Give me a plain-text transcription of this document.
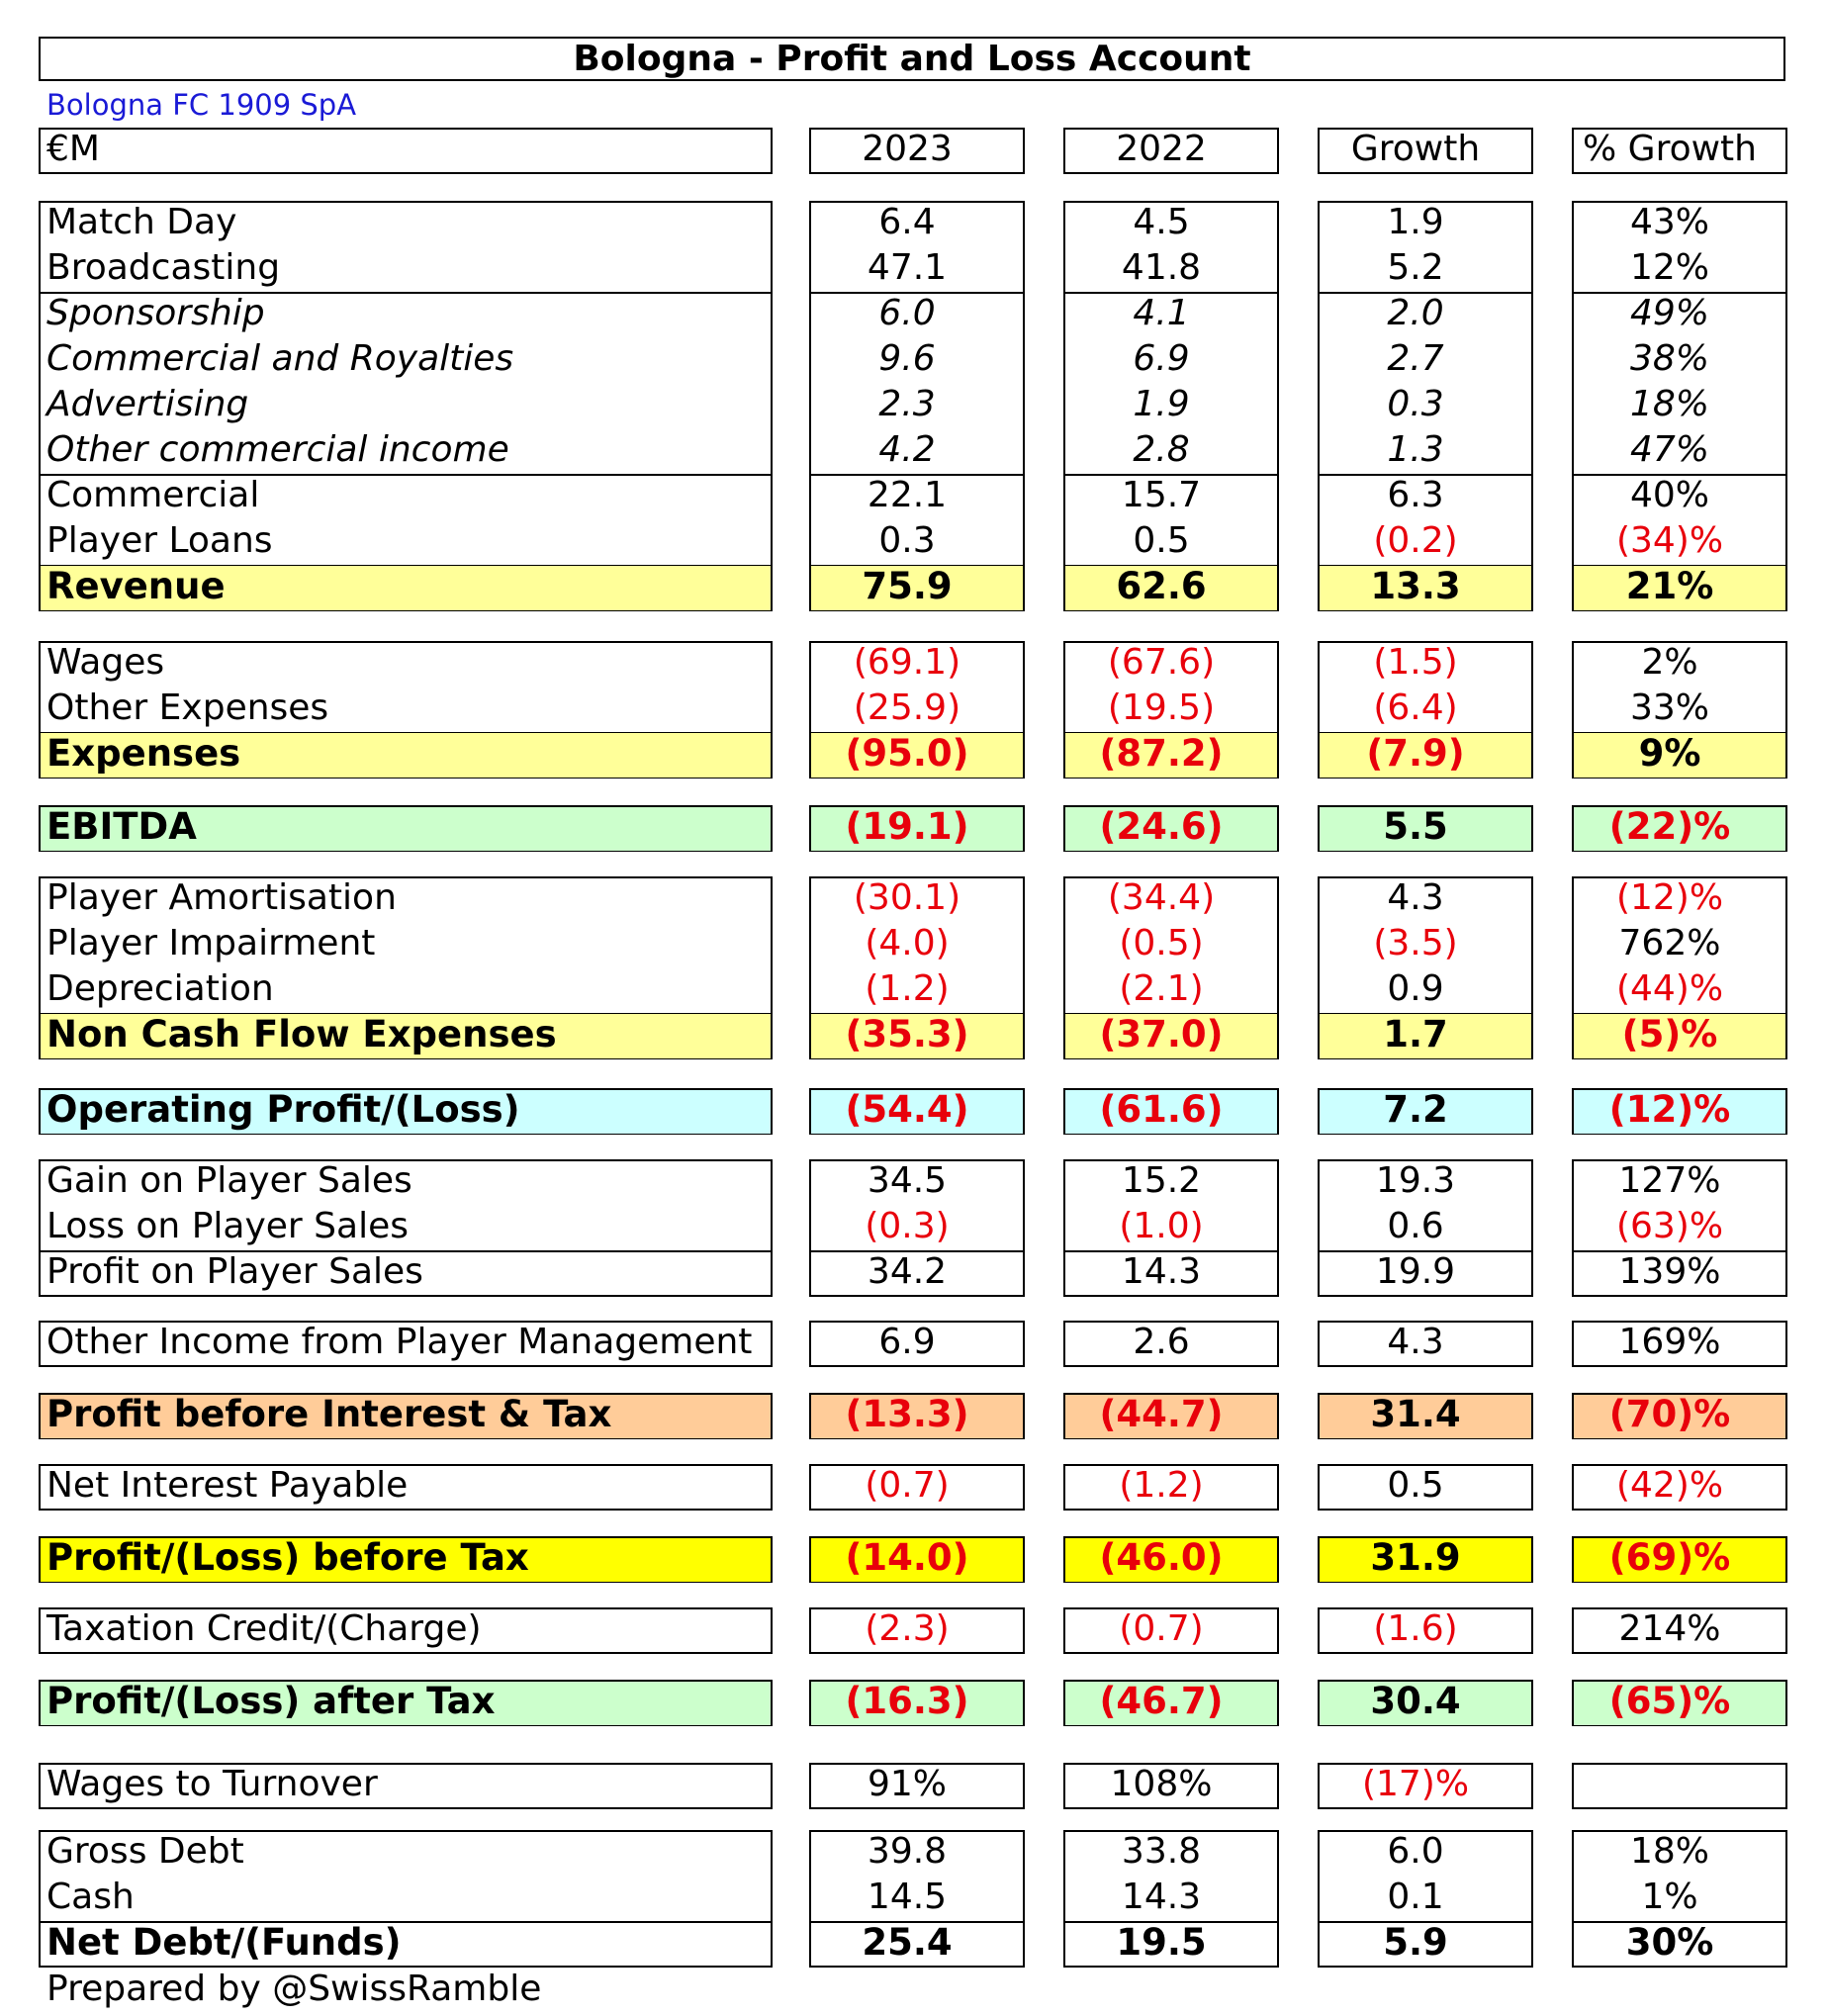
Bologna - Profit and Loss Account
Bologna FC 1909 SpA
€M	2023	2022	Growth	% Growth
Match Day	6.4	4.5	1.9	43%
Broadcasting	47.1	41.8	5.2	12%
Sponsorship	6.0	4.1	2.0	49%
Commercial and Royalties	9.6	6.9	2.7	38%
Advertising	2.3	1.9	0.3	18%
Other commercial income	4.2	2.8	1.3	47%
Commercial	22.1	15.7	6.3	40%
Player Loans	0.3	0.5	(0.2)	(34)%
Revenue	75.9	62.6	13.3	21%
Wages	(69.1)	(67.6)	(1.5)	2%
Other Expenses	(25.9)	(19.5)	(6.4)	33%
Expenses	(95.0)	(87.2)	(7.9)	9%
EBITDA	(19.1)	(24.6)	5.5	(22)%
Player Amortisation	(30.1)	(34.4)	4.3	(12)%
Player Impairment	(4.0)	(0.5)	(3.5)	762%
Depreciation	(1.2)	(2.1)	0.9	(44)%
Non Cash Flow Expenses	(35.3)	(37.0)	1.7	(5)%
Operating Profit/(Loss)	(54.4)	(61.6)	7.2	(12)%
Gain on Player Sales	34.5	15.2	19.3	127%
Loss on Player Sales	(0.3)	(1.0)	0.6	(63)%
Profit on Player Sales	34.2	14.3	19.9	139%
Other Income from Player Management	6.9	2.6	4.3	169%
Profit before Interest & Tax	(13.3)	(44.7)	31.4	(70)%
Net Interest Payable	(0.7)	(1.2)	0.5	(42)%
Profit/(Loss) before Tax	(14.0)	(46.0)	31.9	(69)%
Taxation Credit/(Charge)	(2.3)	(0.7)	(1.6)	214%
Profit/(Loss) after Tax	(16.3)	(46.7)	30.4	(65)%
Wages to Turnover	91%	108%	(17)%
Gross Debt	39.8	33.8	6.0	18%
Cash	14.5	14.3	0.1	1%
Net Debt/(Funds)	25.4	19.5	5.9	30%
Prepared by @SwissRamble
